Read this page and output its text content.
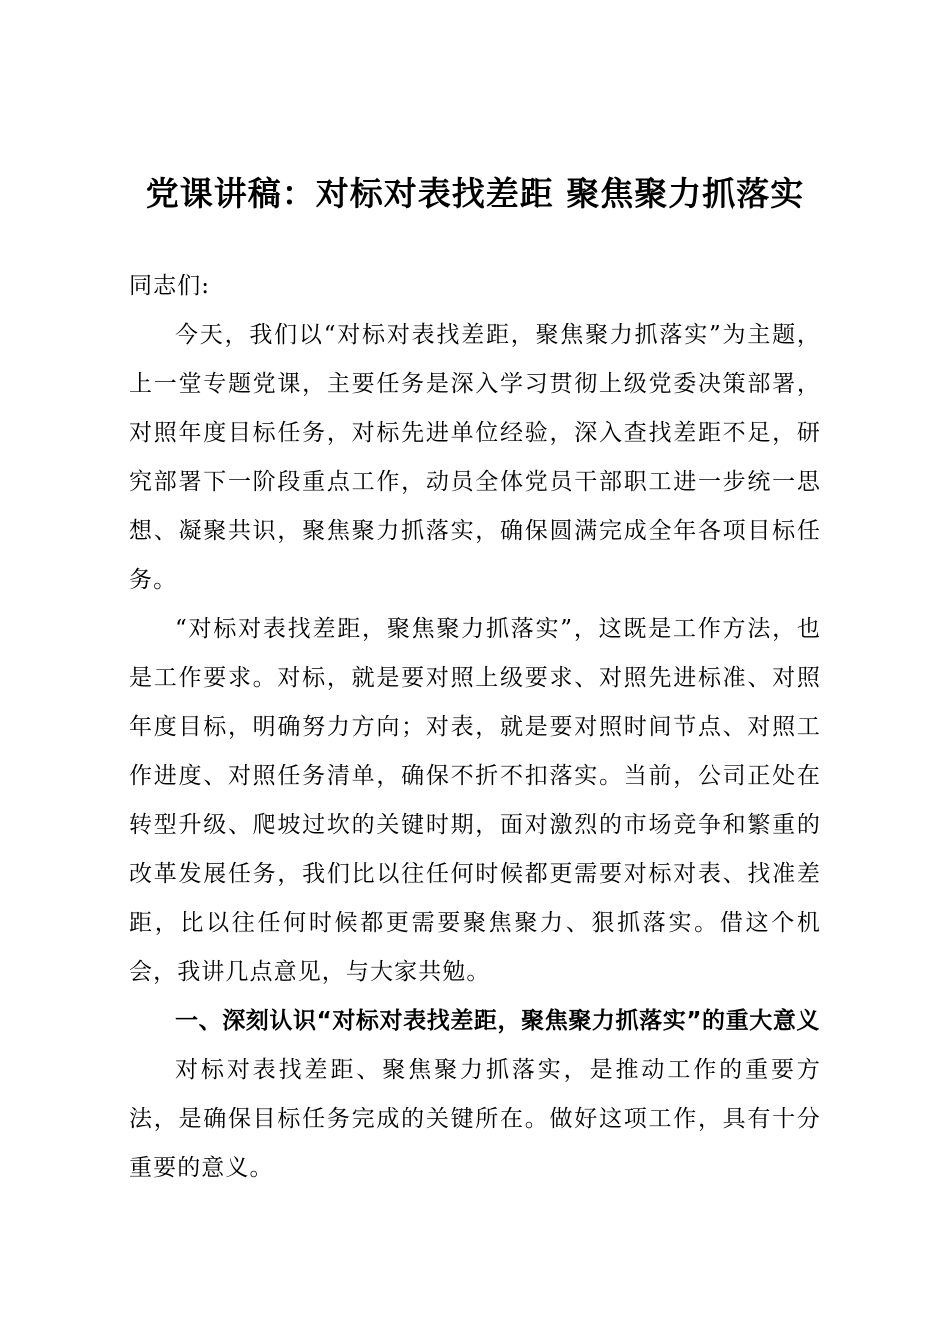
党课讲稿：对标对表找差距 聚焦聚力抓落实

同志们:

今天，我们以“对标对表找差距，聚焦聚力抓落实”为主题，上一堂专题党课，主要任务是深入学习贯彻上级党委决策部署，对照年度目标任务，对标先进单位经验，深入查找差距不足，研究部署下一阶段重点工作，动员全体党员干部职工进一步统一思想、凝聚共识，聚焦聚力抓落实，确保圆满完成全年各项目标任务。

“对标对表找差距，聚焦聚力抓落实”，这既是工作方法，也是工作要求。对标，就是要对照上级要求、对照先进标准、对照年度目标，明确努力方向；对表，就是要对照时间节点、对照工作进度、对照任务清单，确保不折不扣落实。当前，公司正处在转型升级、爬坡过坎的关键时期，面对激烈的市场竞争和繁重的改革发展任务，我们比以往任何时候都更需要对标对表、找准差距，比以往任何时候都更需要聚焦聚力、狠抓落实。借这个机会，我讲几点意见，与大家共勉。

一、深刻认识“对标对表找差距，聚焦聚力抓落实”的重大意义

对标对表找差距、聚焦聚力抓落实，是推动工作的重要方法，是确保目标任务完成的关键所在。做好这项工作，具有十分重要的意义。
